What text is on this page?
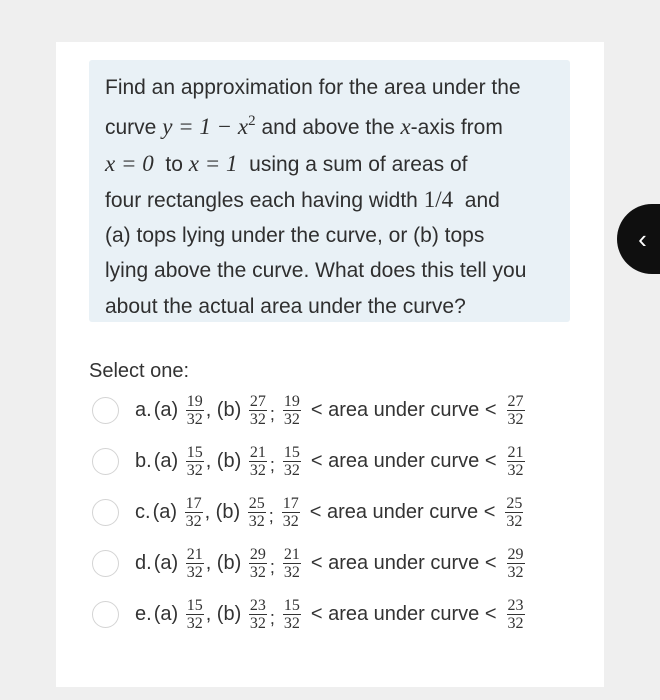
Find an approximation for the area under the
curve $y = 1 - x^2$ and above the x-axis from
x = 0  to x = 1  using a sum of areas of
four rectangles each having width 1/4  and
(a) tops lying under the curve, or (b) tops
lying above the curve. What does this tell you
about the actual area under the curve?
Select one:
a. $(a) \frac{19}{32}$ , $(b) \frac{27}{32}$ ; $\frac{19}{32}$ < area under curve < $\frac{27}{32}$
b. $(a) \frac{15}{32}$ , $(b) \frac{21}{32}$ ; $\frac{15}{32}$ < area under curve < $\frac{21}{32}$
c. $(a) \frac{17}{32}$ , $(b) \frac{25}{32}$ ; $\frac{17}{32}$ < area under curve < $\frac{25}{32}$
d. $(a) \frac{21}{32}$ , $(b) \frac{29}{32}$ ; $\frac{21}{32}$ < area under curve < $\frac{29}{32}$
e. $(a) \frac{15}{32}$ , $(b) \frac{23}{32}$ ; $\frac{15}{32}$ < area under curve < $\frac{23}{32}$
‹
